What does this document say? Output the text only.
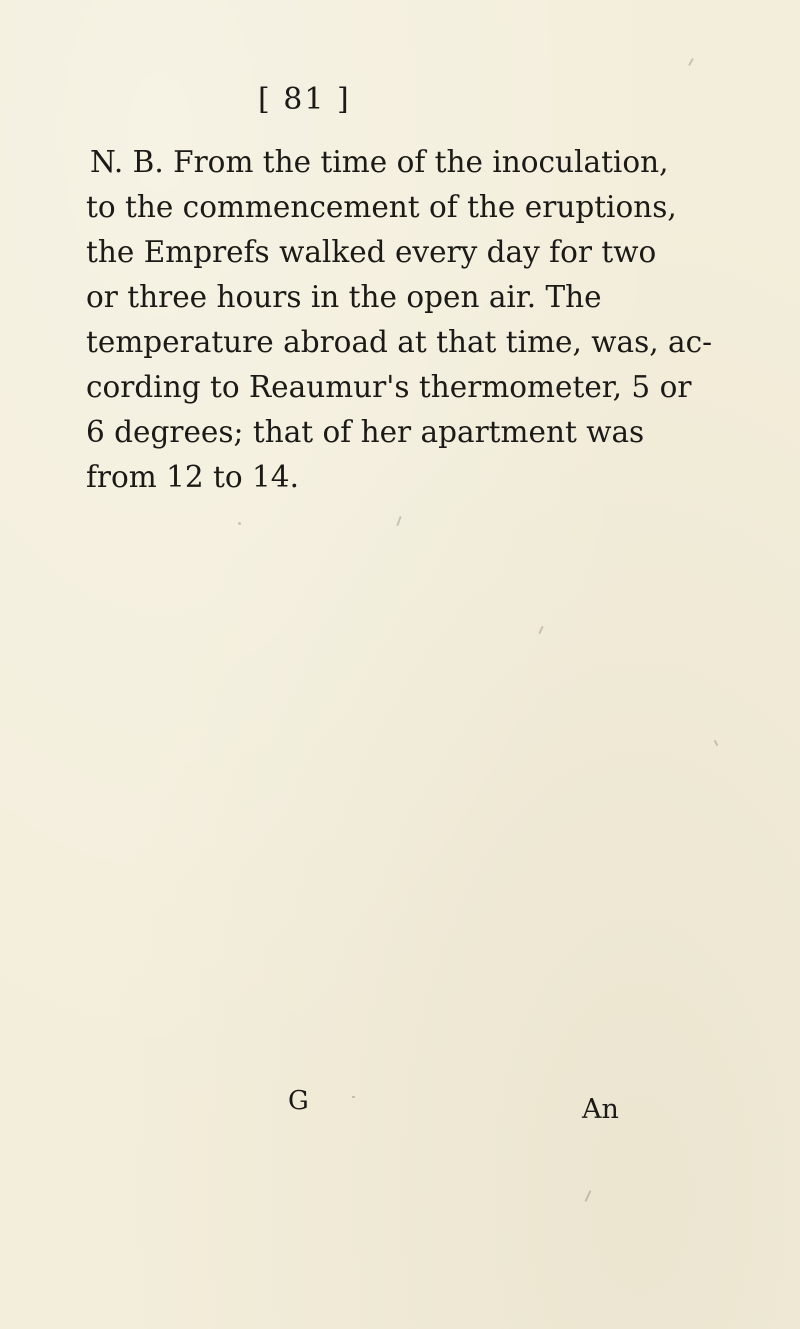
[ 81 ]
N. B. From the time of the inoculation,
to the commencement of the eruptions,
the Emprefs walked every day for two
or three hours in the open air. The
temperature abroad at that time, was, ac-
cording to Reaumur's thermometer, 5 or
6 degrees; that of her apartment was
from 12 to 14.
G	An
